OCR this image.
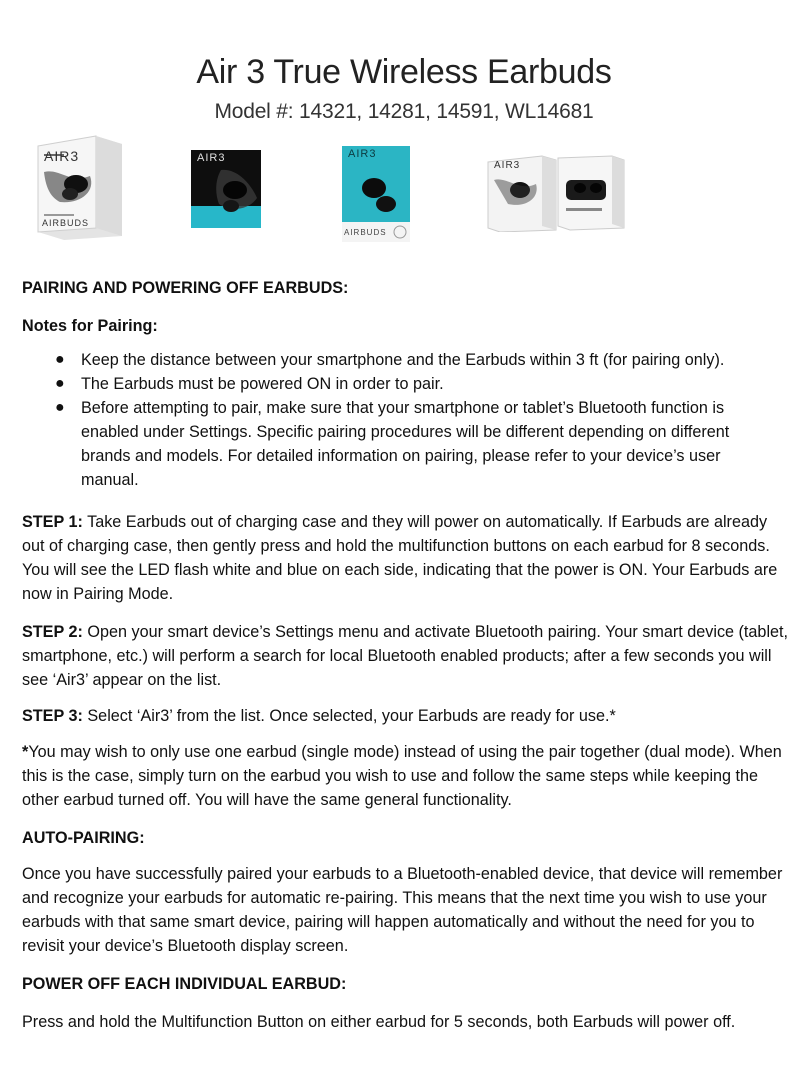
Air 3 True Wireless Earbuds
Model #: 14321, 14281, 14591, WL14681
AIR3
AIRBUDS
AIR3	AIR3
AIRBUDS
AIR3
PAIRING AND POWERING OFF EARBUDS:
Notes for Pairing:
● Keep the distance between your smartphone and the Earbuds within 3 ft (for pairing only).
● The Earbuds must be powered ON in order to pair.
● Before attempting to pair, make sure that your smartphone or tablet’s Bluetooth function is enabled under Settings. Specific pairing procedures will be different depending on different brands and models. For detailed information on pairing, please refer to your device’s user manual.
STEP 1: Take Earbuds out of charging case and they will power on automatically. If Earbuds are already out of charging case, then gently press and hold the multifunction buttons on each earbud for 8 seconds. You will see the LED flash white and blue on each side, indicating that the power is ON. Your Earbuds are now in Pairing Mode.
STEP 2: Open your smart device’s Settings menu and activate Bluetooth pairing. Your smart device (tablet, smartphone, etc.) will perform a search for local Bluetooth enabled products; after a few seconds you will see ‘Air3’ appear on the list.
STEP 3: Select ‘Air3’ from the list. Once selected, your Earbuds are ready for use.*
*You may wish to only use one earbud (single mode) instead of using the pair together (dual mode). When this is the case, simply turn on the earbud you wish to use and follow the same steps while keeping the other earbud turned off. You will have the same general functionality.
AUTO-PAIRING:
Once you have successfully paired your earbuds to a Bluetooth-enabled device, that device will remember and recognize your earbuds for automatic re-pairing. This means that the next time you wish to use your earbuds with that same smart device, pairing will happen automatically and without the need for you to revisit your device’s Bluetooth display screen.
POWER OFF EACH INDIVIDUAL EARBUD:
Press and hold the Multifunction Button on either earbud for 5 seconds, both Earbuds will power off.
